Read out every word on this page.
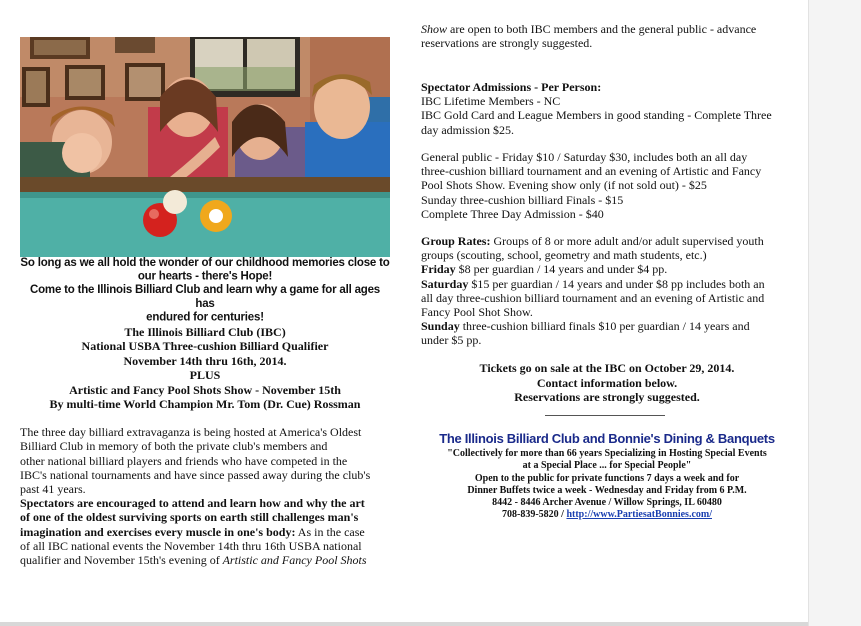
So long as we all hold the wonder of our childhood memories close to
our hearts - there's Hope!
Come to the Illinois Billiard Club and learn why a game for all ages has
endured for centuries!
The Illinois Billiard Club (IBC)
National USBA Three-cushion Billiard Qualifier
November 14th thru 16th, 2014.
PLUS
Artistic and Fancy Pool Shots Show - November 15th
By multi-time World Champion Mr. Tom (Dr. Cue) Rossman
The three day billiard extravaganza is being hosted at America's Oldest
Billiard Club in memory of both the private club's members and
other national billiard players and friends who have competed in the
IBC's national tournaments and have since passed away during the club's
past 41 years.
Spectators are encouraged to attend and learn how and why the art
of one of the oldest surviving sports on earth still challenges man's
imagination and exercises every muscle in one's body: As in the case
of all IBC national events the November 14th thru 16th USBA national
qualifier and November 15th's evening of Artistic and Fancy Pool Shots
Show are open to both IBC members and the general public - advance
reservations are strongly suggested.
Spectator Admissions - Per Person:
IBC Lifetime Members - NC
IBC Gold Card and League Members in good standing - Complete Three
day admission $25.
General public - Friday $10 / Saturday $30, includes both an all day
three-cushion billiard tournament and an evening of Artistic and Fancy
Pool Shots Show. Evening show only (if not sold out) - $25
Sunday three-cushion billiard Finals - $15
Complete Three Day Admission - $40
Group Rates: Groups of 8 or more adult and/or adult supervised youth
groups (scouting, school, geometry and math students, etc.)
Friday $8 per guardian / 14 years and under $4 pp.
Saturday $15 per guardian / 14 years and under $8 pp includes both an
all day three-cushion billiard tournament and an evening of Artistic and
Fancy Pool Shot Show.
Sunday three-cushion billiard finals $10 per guardian / 14 years and
under $5 pp.
Tickets go on sale at the IBC on October 29, 2014.
Contact information below.
Reservations are strongly suggested.
The Illinois Billiard Club and Bonnie's Dining & Banquets
"Collectively for more than 66 years Specializing in Hosting Special Events
at a Special Place ... for Special People"
Open to the public for private functions 7 days a week and for
Dinner Buffets twice a week - Wednesday and Friday from 6 P.M.
8442 - 8446 Archer Avenue / Willow Springs, IL 60480
708-839-5820 / http://www.PartiesatBonnies.com/
